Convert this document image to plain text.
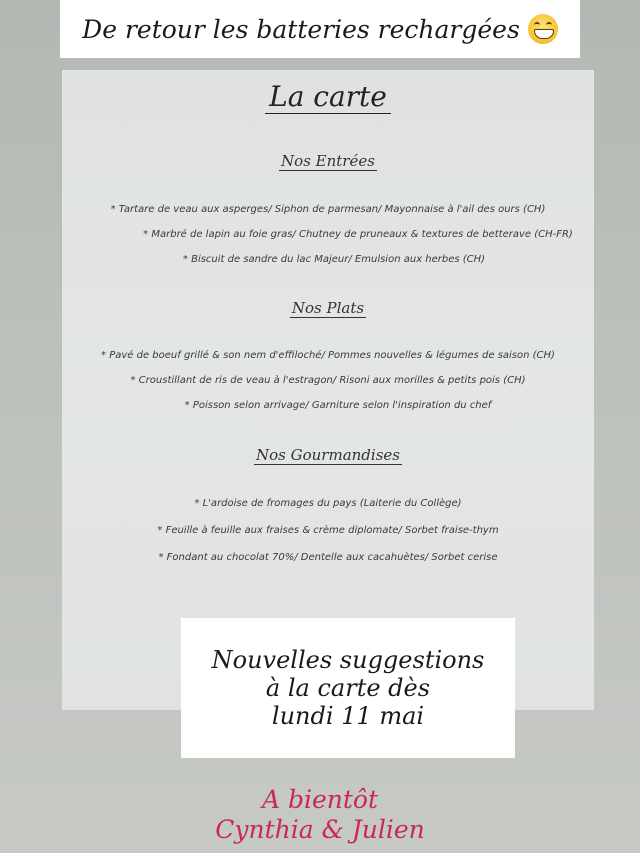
De retour les batteries rechargées
La carte
Nos Entrées
* Tartare de veau aux asperges/ Siphon de parmesan/ Mayonnaise à l'ail des ours (CH)
* Marbré de lapin au foie gras/ Chutney de pruneaux & textures de betterave (CH-FR)
* Biscuit de sandre du lac Majeur/ Emulsion aux herbes (CH)
Nos Plats
* Pavé de boeuf grillé & son nem d'effiloché/ Pommes nouvelles & légumes de saison (CH)
* Croustillant de ris de veau à l'estragon/ Risoni aux morilles & petits pois (CH)
* Poisson selon arrivage/ Garniture selon l'inspiration du chef
Nos Gourmandises
* L'ardoise de fromages du pays (Laiterie du Collège)
* Feuille à feuille aux fraises & crème diplomate/ Sorbet fraise-thym
* Fondant au chocolat 70%/ Dentelle aux cacahuètes/ Sorbet cerise
Nouvelles suggestions
à la carte dès
lundi 11 mai
A bientôt
Cynthia & Julien
